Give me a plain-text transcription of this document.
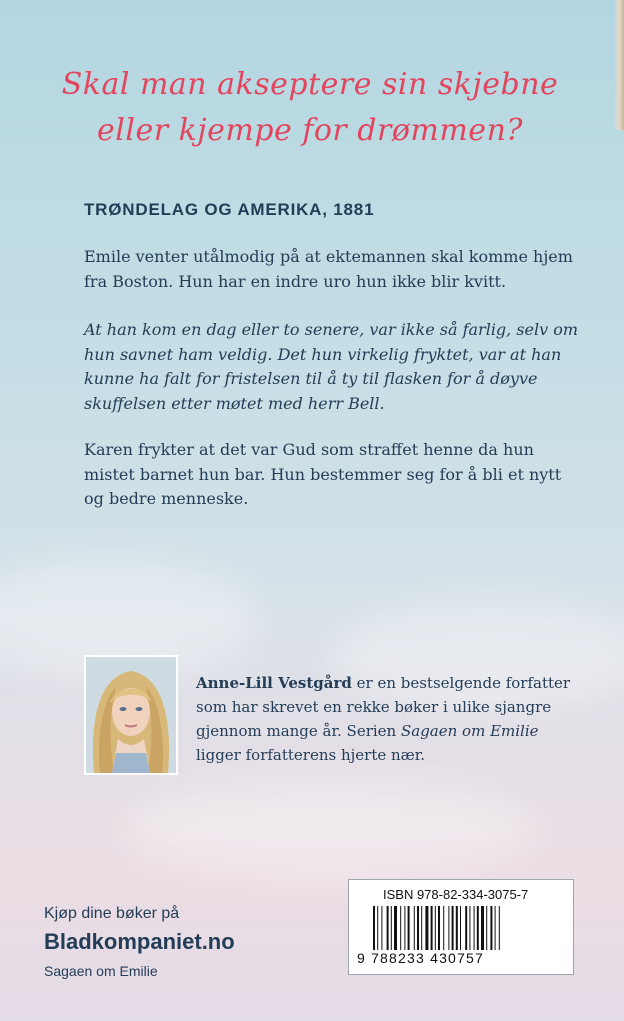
Skal man akseptere sin skjebne
eller kjempe for drømmen?
TRØNDELAG OG AMERIKA, 1881

Emile venter utålmodig på at ektemannen skal komme hjem fra Boston. Hun har en indre uro hun ikke blir kvitt.

At han kom en dag eller to senere, var ikke så farlig, selv om hun savnet ham veldig. Det hun virkelig fryktet, var at han kunne ha falt for fristelsen til å ty til flasken for å døyve skuffelsen etter møtet med herr Bell.

Karen frykter at det var Gud som straffet henne da hun mistet barnet hun bar. Hun bestemmer seg for å bli et nytt og bedre menneske.

Anne-Lill Vestgård er en bestselgende forfatter som har skrevet en rekke bøker i ulike sjangre gjennom mange år. Serien Sagaen om Emilie ligger forfatterens hjerte nær.

Kjøp dine bøker på
Bladkompaniet.no
Sagaen om Emilie
ISBN 978-82-334-3075-7
9 788233 430757
